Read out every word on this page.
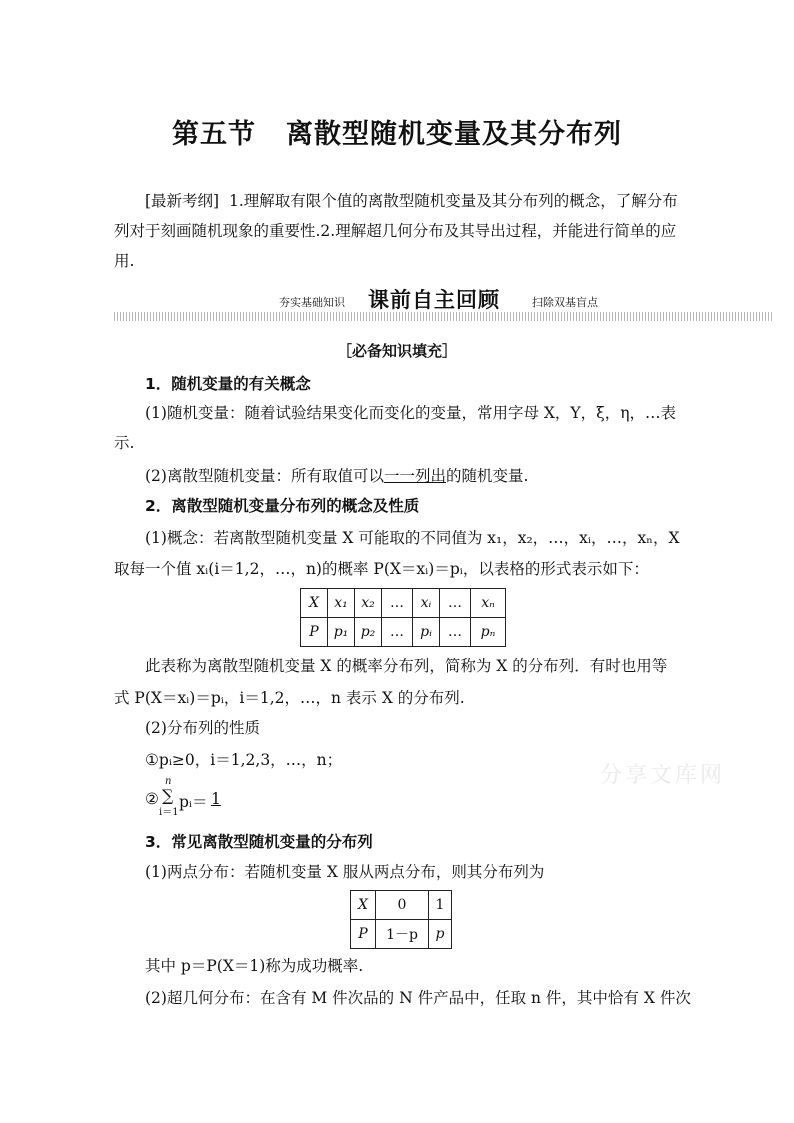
第五节 离散型随机变量及其分布列
[最新考纲] 1.理解取有限个值的离散型随机变量及其分布列的概念，了解分布列对于刻画随机现象的重要性.2.理解超几何分布及其导出过程，并能进行简单的应用.
夯实基础知识 课前自主回顾	扫除双基盲点
［必备知识填充］
1．随机变量的有关概念
(1)随机变量：随着试验结果变化而变化的变量，常用字母 X，Y，ξ，η，…表示.
(2)离散型随机变量：所有取值可以一一列出的随机变量.
2．离散型随机变量分布列的概念及性质
(1)概念：若离散型随机变量 X 可能取的不同值为 x₁，x₂，…，xᵢ，…，xₙ，X
取每一个值 xᵢ(i＝1,2，…，n)的概率 P(X＝xᵢ)＝pᵢ，以表格的形式表示如下：
X	x₁	x₂	…	xᵢ	…	xₙ
P	p₁	p₂	…	pᵢ	…	pₙ
此表称为离散型随机变量 X 的概率分布列，简称为 X 的分布列．有时也用等
式 P(X＝xᵢ)＝pᵢ，i＝1,2，…，n 表示 X 的分布列.
(2)分布列的性质
①pᵢ≥0，i＝1,2,3，…，n；
②
n
∑
i＝1
pᵢ＝ 1
3．常见离散型随机变量的分布列
(1)两点分布：若随机变量 X 服从两点分布，则其分布列为
X	0	1
P	1－p	p
其中 p＝P(X＝1)称为成功概率.
(2)超几何分布：在含有 M 件次品的 N 件产品中，任取 n 件，其中恰有 X 件次
分享文库网
